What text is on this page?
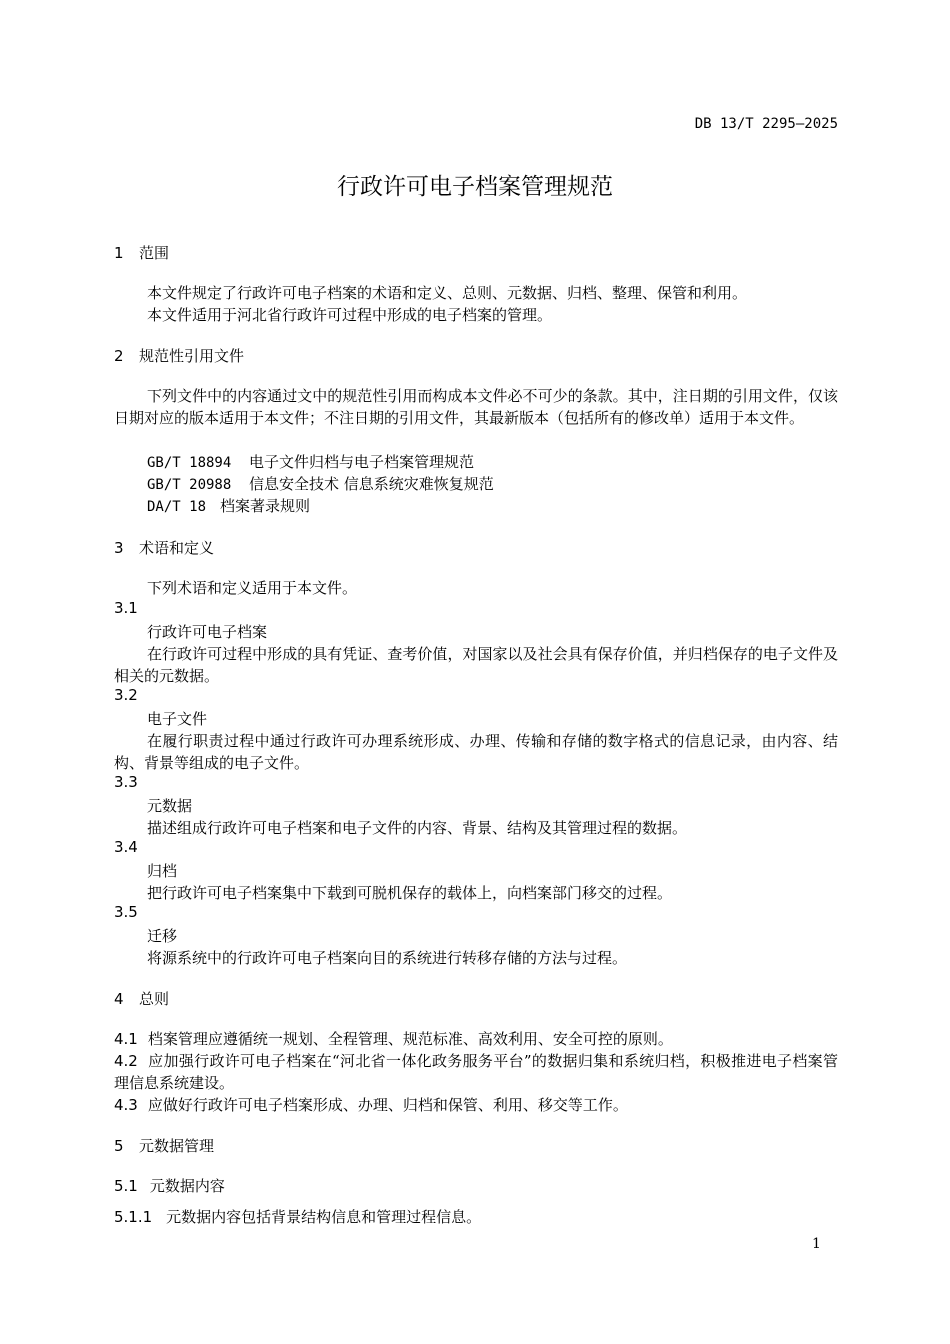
DB 13/T 2295—2025
行政许可电子档案管理规范
1 范围
本文件规定了行政许可电子档案的术语和定义、总则、元数据、归档、整理、保管和利用。
本文件适用于河北省行政许可过程中形成的电子档案的管理。
2 规范性引用文件
下列文件中的内容通过文中的规范性引用而构成本文件必不可少的条款。其中，注日期的引用文件，仅该日期对应的版本适用于本文件；不注日期的引用文件，其最新版本（包括所有的修改单）适用于本文件。
GB/T 18894 电子文件归档与电子档案管理规范
GB/T 20988 信息安全技术 信息系统灾难恢复规范
DA/T 18 档案著录规则
3 术语和定义
下列术语和定义适用于本文件。
3.1
行政许可电子档案
在行政许可过程中形成的具有凭证、查考价值，对国家以及社会具有保存价值，并归档保存的电子文件及相关的元数据。
3.2
电子文件
在履行职责过程中通过行政许可办理系统形成、办理、传输和存储的数字格式的信息记录，由内容、结构、背景等组成的电子文件。
3.3
元数据
描述组成行政许可电子档案和电子文件的内容、背景、结构及其管理过程的数据。
3.4
归档
把行政许可电子档案集中下载到可脱机保存的载体上，向档案部门移交的过程。
3.5
迁移
将源系统中的行政许可电子档案向目的系统进行转移存储的方法与过程。
4 总则
4.1 档案管理应遵循统一规划、全程管理、规范标准、高效利用、安全可控的原则。
4.2 应加强行政许可电子档案在“河北省一体化政务服务平台”的数据归集和系统归档，积极推进电子档案管理信息系统建设。
4.3 应做好行政许可电子档案形成、办理、归档和保管、利用、移交等工作。
5 元数据管理
5.1 元数据内容
5.1.1 元数据内容包括背景结构信息和管理过程信息。
1
